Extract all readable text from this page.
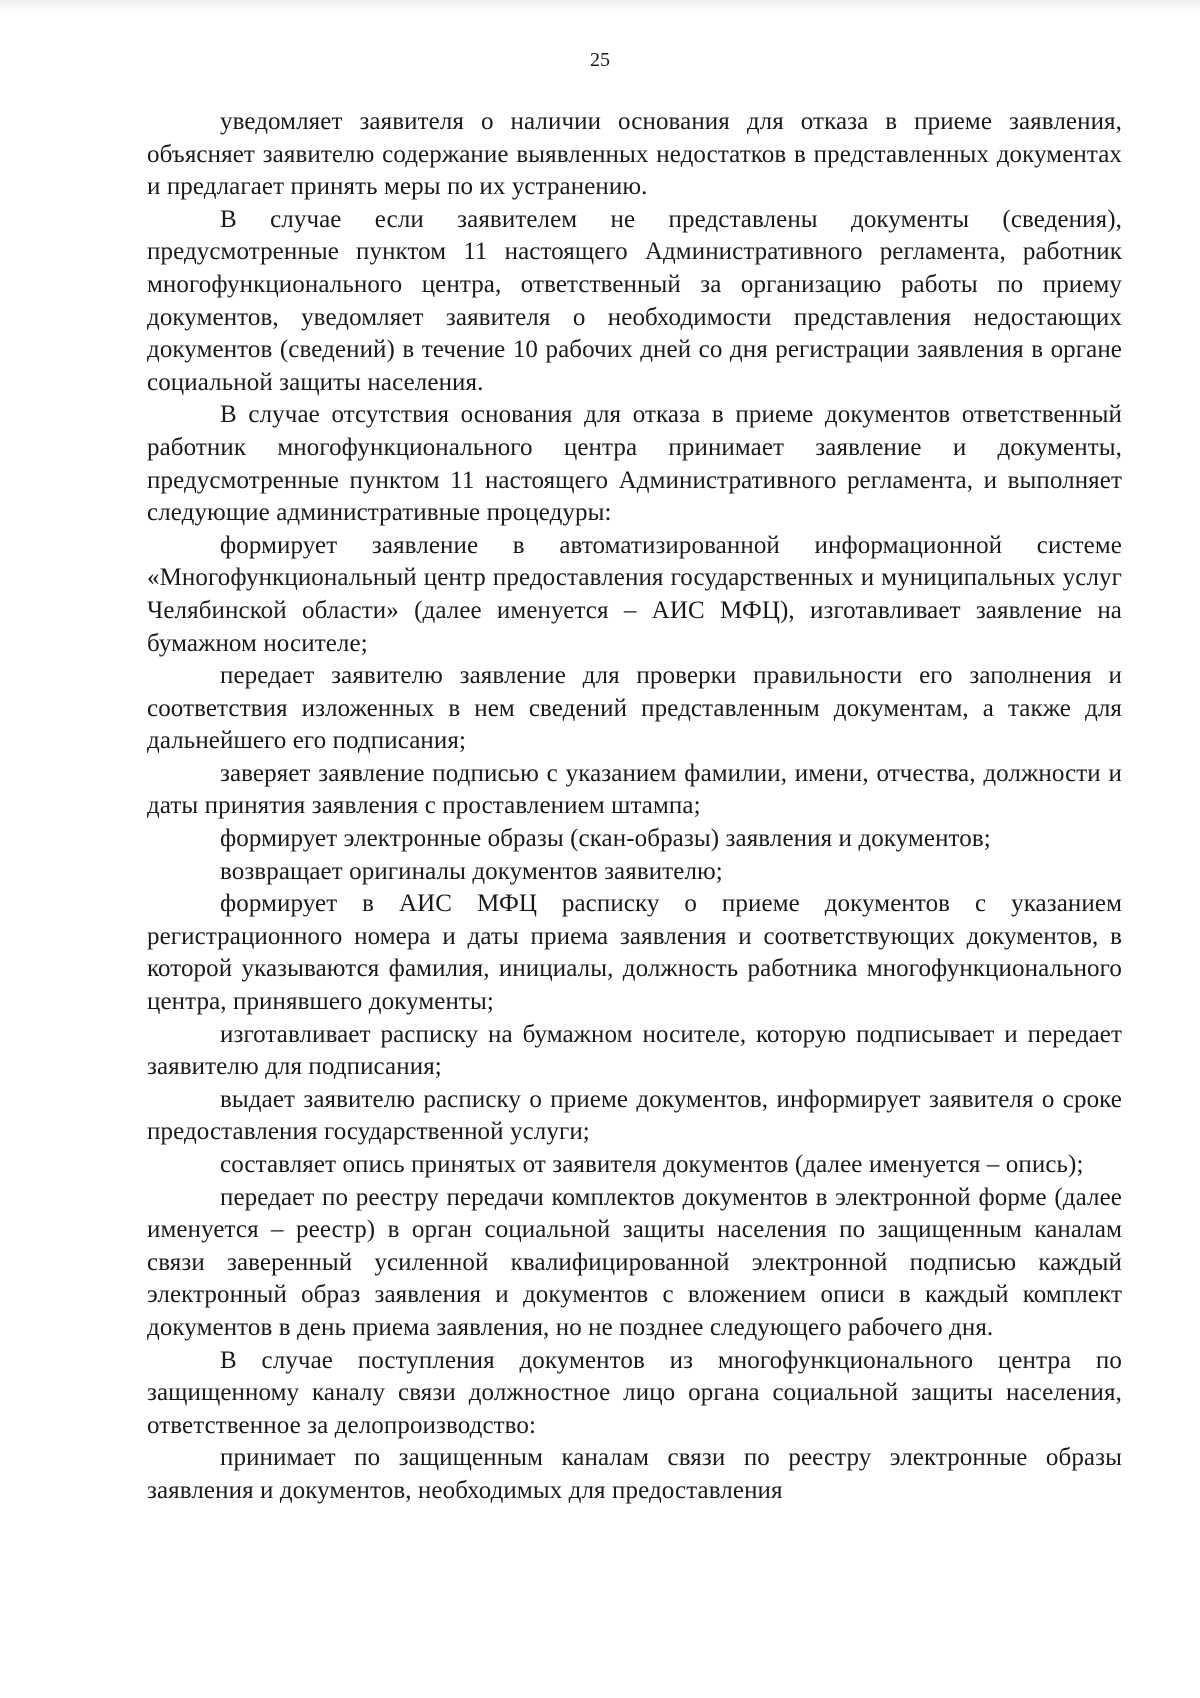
25

уведомляет заявителя о наличии основания для отказа в приеме заявления, объясняет заявителю содержание выявленных недостатков в представленных документах и предлагает принять меры по их устранению.

В случае если заявителем не представлены документы (сведения), предусмотренные пунктом 11 настоящего Административного регламента, работник многофункционального центра, ответственный за организацию работы по приему документов, уведомляет заявителя о необходимости представления недостающих документов (сведений) в течение 10 рабочих дней со дня регистрации заявления в органе социальной защиты населения.

В случае отсутствия основания для отказа в приеме документов ответственный работник многофункционального центра принимает заявление и документы, предусмотренные пунктом 11 настоящего Административного регламента, и выполняет следующие административные процедуры:

формирует заявление в автоматизированной информационной системе «Многофункциональный центр предоставления государственных и муниципальных услуг Челябинской области» (далее именуется – АИС МФЦ), изготавливает заявление на бумажном носителе;

передает заявителю заявление для проверки правильности его заполнения и соответствия изложенных в нем сведений представленным документам, а также для дальнейшего его подписания;

заверяет заявление подписью с указанием фамилии, имени, отчества, должности и даты принятия заявления с проставлением штампа;

формирует электронные образы (скан-образы) заявления и документов;

возвращает оригиналы документов заявителю;

формирует в АИС МФЦ расписку о приеме документов с указанием регистрационного номера и даты приема заявления и соответствующих документов, в которой указываются фамилия, инициалы, должность работника многофункционального центра, принявшего документы;

изготавливает расписку на бумажном носителе, которую подписывает и передает заявителю для подписания;

выдает заявителю расписку о приеме документов, информирует заявителя о сроке предоставления государственной услуги;

составляет опись принятых от заявителя документов (далее именуется – опись);

передает по реестру передачи комплектов документов в электронной форме (далее именуется – реестр) в орган социальной защиты населения по защищенным каналам связи заверенный усиленной квалифицированной электронной подписью каждый электронный образ заявления и документов с вложением описи в каждый комплект документов в день приема заявления, но не позднее следующего рабочего дня.

В случае поступления документов из многофункционального центра по защищенному каналу связи должностное лицо органа социальной защиты населения, ответственное за делопроизводство:

принимает по защищенным каналам связи по реестру электронные образы заявления и документов, необходимых для предоставления
